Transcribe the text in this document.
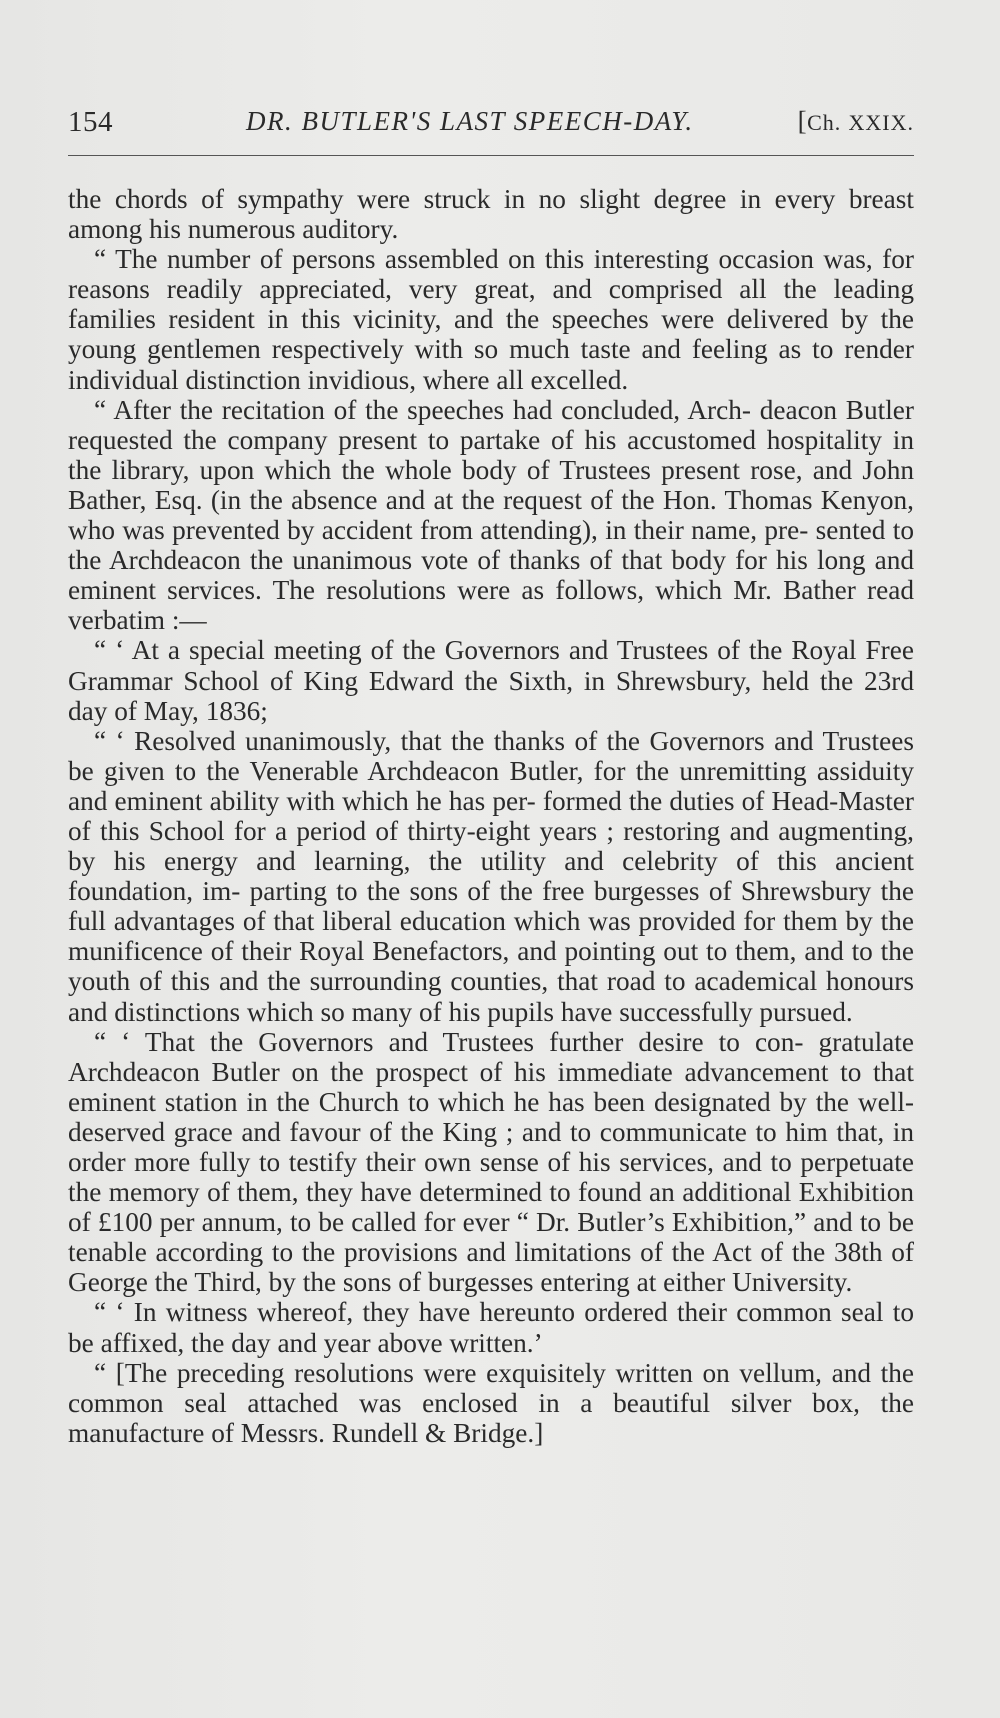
154	DR. BUTLER'S LAST SPEECH-DAY.	[Ch. XXIX.

the chords of sympathy were struck in no slight degree in every breast among his numerous auditory.

“ The number of persons assembled on this interesting occasion was, for reasons readily appreciated, very great, and comprised all the leading families resident in this vicinity, and the speeches were delivered by the young gentlemen respectively with so much taste and feeling as to render individual distinction invidious, where all excelled.

“ After the recitation of the speeches had concluded, Arch- deacon Butler requested the company present to partake of his accustomed hospitality in the library, upon which the whole body of Trustees present rose, and John Bather, Esq. (in the absence and at the request of the Hon. Thomas Kenyon, who was prevented by accident from attending), in their name, pre- sented to the Archdeacon the unanimous vote of thanks of that body for his long and eminent services. The resolutions were as follows, which Mr. Bather read verbatim :—

“ ‘ At a special meeting of the Governors and Trustees of the Royal Free Grammar School of King Edward the Sixth, in Shrewsbury, held the 23rd day of May, 1836;

“ ‘ Resolved unanimously, that the thanks of the Governors and Trustees be given to the Venerable Archdeacon Butler, for the unremitting assiduity and eminent ability with which he has per- formed the duties of Head-Master of this School for a period of thirty-eight years ; restoring and augmenting, by his energy and learning, the utility and celebrity of this ancient foundation, im- parting to the sons of the free burgesses of Shrewsbury the full advantages of that liberal education which was provided for them by the munificence of their Royal Benefactors, and pointing out to them, and to the youth of this and the surrounding counties, that road to academical honours and distinctions which so many of his pupils have successfully pursued.

“ ‘ That the Governors and Trustees further desire to con- gratulate Archdeacon Butler on the prospect of his immediate advancement to that eminent station in the Church to which he has been designated by the well-deserved grace and favour of the King ; and to communicate to him that, in order more fully to testify their own sense of his services, and to perpetuate the memory of them, they have determined to found an additional Exhibition of £100 per annum, to be called for ever “ Dr. Butler’s Exhibition,” and to be tenable according to the provisions and limitations of the Act of the 38th of George the Third, by the sons of burgesses entering at either University.

“ ‘ In witness whereof, they have hereunto ordered their common seal to be affixed, the day and year above written.’

“ [The preceding resolutions were exquisitely written on vellum, and the common seal attached was enclosed in a beautiful silver box, the manufacture of Messrs. Rundell & Bridge.]
